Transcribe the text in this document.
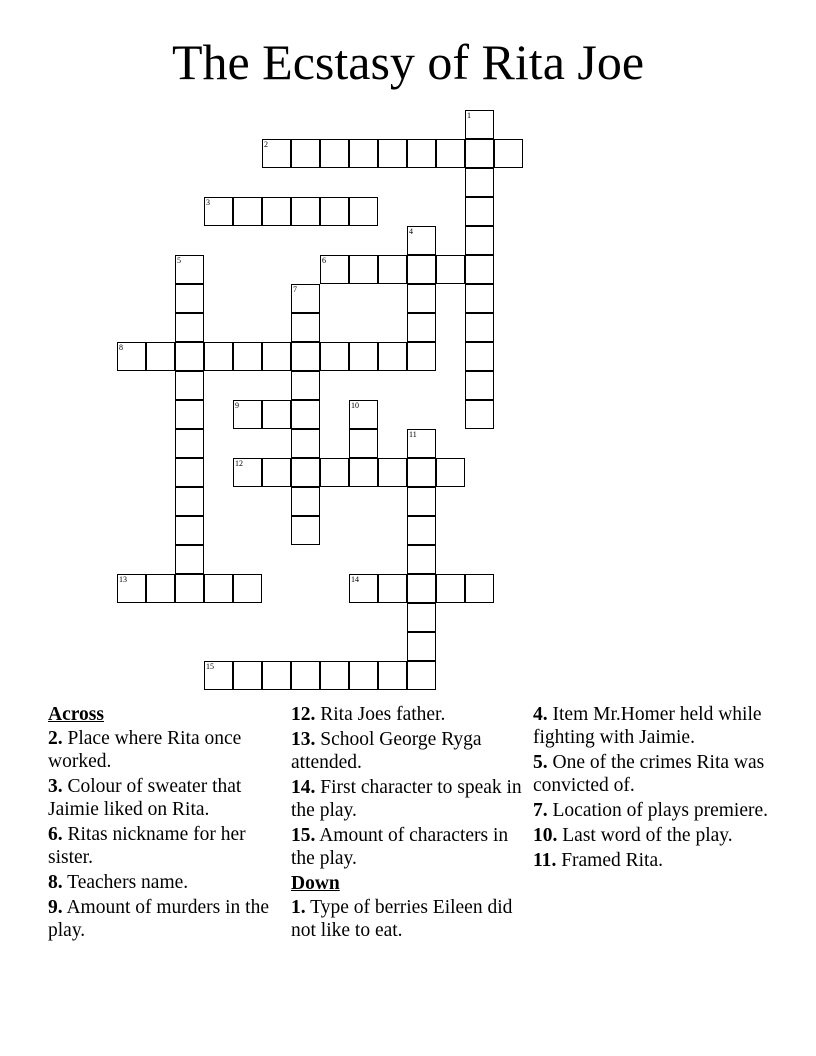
The Ecstasy of Rita Joe
1
2
3
4
5	6
7
8
9	10
11
12
13	14
15
Across
2. Place where Rita once worked.
3. Colour of sweater that Jaimie liked on Rita.
6. Ritas nickname for her sister.
8. Teachers name.
9. Amount of murders in the play.
12. Rita Joes father.
13. School George Ryga attended.
14. First character to speak in the play.
15. Amount of characters in the play.
Down
1. Type of berries Eileen did not like to eat.
4. Item Mr.Homer held while fighting with Jaimie.
5. One of the crimes Rita was convicted of.
7. Location of plays premiere.
10. Last word of the play.
11. Framed Rita.
